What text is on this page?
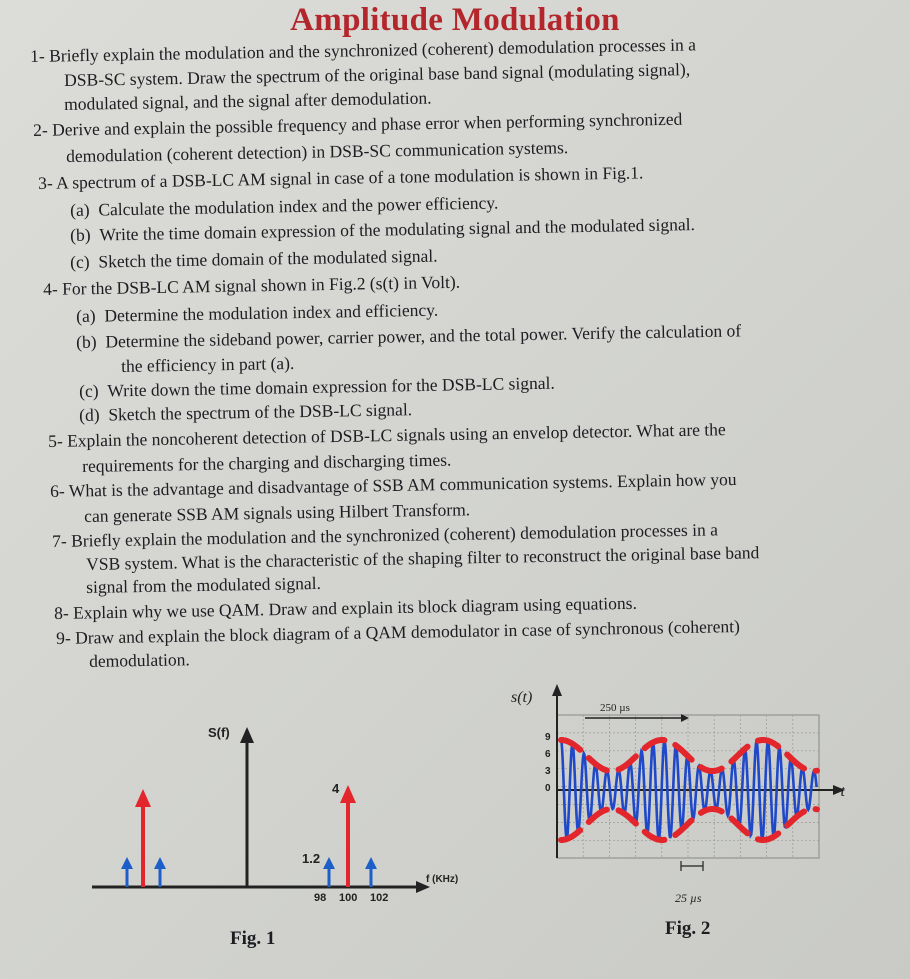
Amplitude Modulation
1- Briefly explain the modulation and the synchronized (coherent) demodulation processes in a
DSB-SC system. Draw the spectrum of the original base band signal (modulating signal),
modulated signal, and the signal after demodulation.
2- Derive and explain the possible frequency and phase error when performing synchronized
demodulation (coherent detection) in DSB-SC communication systems.
3- A spectrum of a DSB-LC AM signal in case of a tone modulation is shown in Fig.1.
(a) Calculate the modulation index and the power efficiency.
(b) Write the time domain expression of the modulating signal and the modulated signal.
(c) Sketch the time domain of the modulated signal.
4- For the DSB-LC AM signal shown in Fig.2 (s(t) in Volt).
(a) Determine the modulation index and efficiency.
(b) Determine the sideband power, carrier power, and the total power. Verify the calculation of
the efficiency in part (a).
(c) Write down the time domain expression for the DSB-LC signal.
(d) Sketch the spectrum of the DSB-LC signal.
5- Explain the noncoherent detection of DSB-LC signals using an envelop detector. What are the
requirements for the charging and discharging times.
6- What is the advantage and disadvantage of SSB AM communication systems. Explain how you
can generate SSB AM signals using Hilbert Transform.
7- Briefly explain the modulation and the synchronized (coherent) demodulation processes in a
VSB system. What is the characteristic of the shaping filter to reconstruct the original base band
signal from the modulated signal.
8- Explain why we use QAM. Draw and explain its block diagram using equations.
9- Draw and explain the block diagram of a QAM demodulator in case of synchronous (coherent)
demodulation.
S(f)
4
1.2
98 100 102
f (KHz)
Fig. 1
s(t)
t
9
6
3
0
250 µs
25 µs
Fig. 2
